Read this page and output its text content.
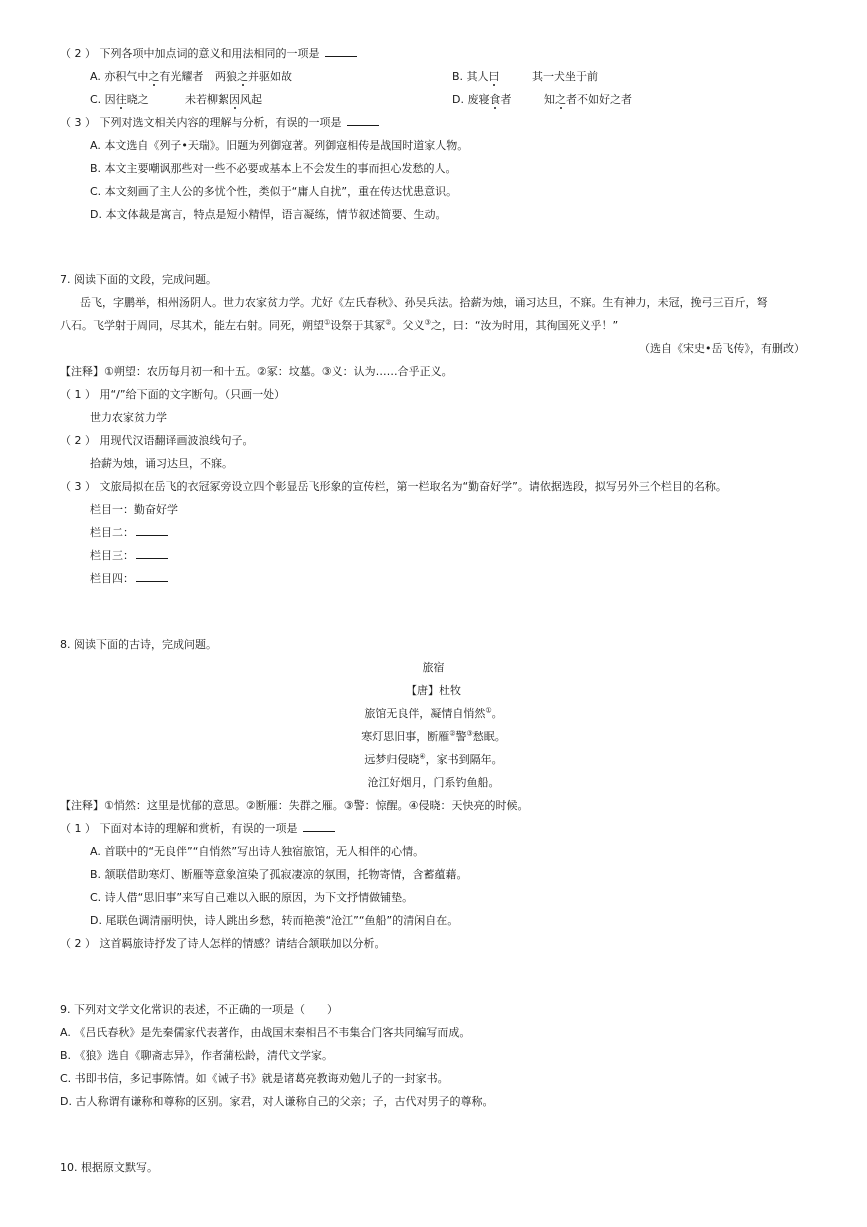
（ 2 ） 下列各项中加点词的意义和用法相同的一项是
A. 亦积气中之有光耀者 两狼之并驱如故	B. 其人曰	其一犬坐于前
C. 因往晓之	未若柳絮因风起	D. 废寝食者	知之者不如好之者
（ 3 ） 下列对选文相关内容的理解与分析，有误的一项是
A. 本文选自《列子•天瑞》。旧题为列御寇著。列御寇相传是战国时道家人物。
B. 本文主要嘲讽那些对一些不必要或基本上不会发生的事而担心发愁的人。
C. 本文刻画了主人公的多忧个性，类似于“庸人自扰”，重在传达忧患意识。
D. 本文体裁是寓言，特点是短小精悍，语言凝练，情节叙述简要、生动。
7. 阅读下面的文段，完成问题。
岳飞，字鹏举，相州汤阴人。世力农家贫力学。尤好《左氏春秋》、孙吴兵法。拾薪为烛，诵习达旦，不寐。生有神力，未冠，挽弓三百斤，弩
八石。飞学射于周同，尽其术，能左右射。同死，朔望①设祭于其冢②。父义③之，曰：“汝为时用，其徇国死义乎！”
（选自《宋史•岳飞传》，有删改）
【注释】①朔望：农历每月初一和十五。②冢：坟墓。③义：认为……合乎正义。
（ 1 ） 用“/”给下面的文字断句。（只画一处）
世力农家贫力学
（ 2 ） 用现代汉语翻译画波浪线句子。
拾薪为烛，诵习达旦，不寐。
（ 3 ） 文旅局拟在岳飞的衣冠冢旁设立四个彰显岳飞形象的宣传栏，第一栏取名为“勤奋好学”。请依据选段，拟写另外三个栏目的名称。
栏目一：勤奋好学
栏目二：
栏目三：
栏目四：
8. 阅读下面的古诗，完成问题。
旅宿
【唐】杜牧
旅馆无良伴，凝情自悄然①。
寒灯思旧事，断雁②警③愁眠。
远梦归侵晓④，家书到隔年。
沧江好烟月，门系钓鱼船。
【注释】①悄然：这里是忧郁的意思。②断雁：失群之雁。③警：惊醒。④侵晓：天快亮的时候。
（ 1 ） 下面对本诗的理解和赏析，有误的一项是
A. 首联中的“无良伴”“自悄然”写出诗人独宿旅馆，无人相伴的心情。
B. 颔联借助寒灯、断雁等意象渲染了孤寂凄凉的氛围，托物寄情，含蓄蕴藉。
C. 诗人借“思旧事”来写自己难以入眠的原因，为下文抒情做铺垫。
D. 尾联色调清丽明快，诗人跳出乡愁，转而艳羡“沧江”“鱼船”的清闲自在。
（ 2 ） 这首羁旅诗抒发了诗人怎样的情感？请结合颔联加以分析。
9. 下列对文学文化常识的表述，不正确的一项是（　　）
A. 《吕氏春秋》是先秦儒家代表著作，由战国末秦相吕不韦集合门客共同编写而成。
B. 《狼》选自《聊斋志异》，作者蒲松龄，清代文学家。
C. 书即书信，多记事陈情。如《诫子书》就是诸葛亮教诲劝勉儿子的一封家书。
D. 古人称谓有谦称和尊称的区别。家君，对人谦称自己的父亲；子，古代对男子的尊称。
10. 根据原文默写。
